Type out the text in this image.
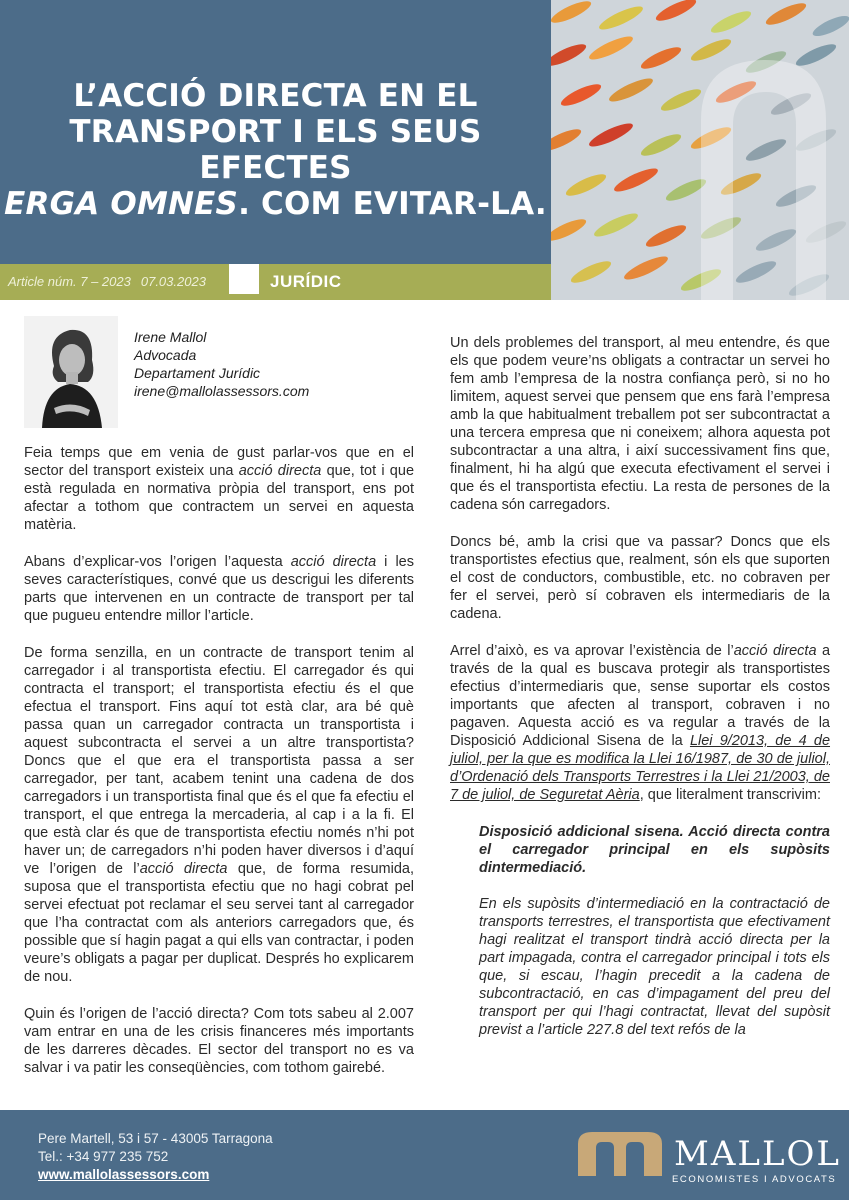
L’ACCIÓ DIRECTA EN EL
TRANSPORT I ELS SEUS EFECTES
ERGA OMNES. COM EVITAR-LA.
Article núm. 7 – 2023 07.03.2023	JURÍDIC
Irene Mallol
Advocada
Departament Jurídic
irene@mallolassessors.com

Feia temps que em venia de gust parlar-vos que en el sector del transport existeix una acció directa que, tot i que està regulada en normativa pròpia del transport, ens pot afectar a tothom que contractem un servei en aquesta matèria.

Abans d’explicar-vos l’origen l’aquesta acció directa i les seves característiques, convé que us descrigui les diferents parts que intervenen en un contracte de transport per tal que pugueu entendre millor l’article.

De forma senzilla, en un contracte de transport tenim al carregador i al transportista efectiu. El carregador és qui contracta el transport; el transportista efectiu és el que efectua el transport. Fins aquí tot està clar, ara bé què passa quan un carregador contracta un transportista i aquest subcontracta el servei a un altre transportista? Doncs que el que era el transportista passa a ser carregador, per tant, acabem tenint una cadena de dos carregadors i un transportista final que és el que fa efectiu el transport, el que entrega la mercaderia, al cap i a la fi. El que està clar és que de transportista efectiu només n’hi pot haver un; de carregadors n’hi poden haver diversos i d’aquí ve l’origen de l’acció directa que, de forma resumida, suposa que el transportista efectiu que no hagi cobrat pel servei efectuat pot reclamar el seu servei tant al carregador que l’ha contractat com als anteriors carregadors que, és possible que sí hagin pagat a qui ells van contractar, i poden veure’s obligats a pagar per duplicat. Després ho explicarem de nou.

Quin és l’origen de l’acció directa? Com tots sabeu al 2.007 vam entrar en una de les crisis financeres més importants de les darreres dècades. El sector del transport no es va salvar i va patir les conseqüències, com tothom gairebé.

Un dels problemes del transport, al meu entendre, és que els que podem veure’ns obligats a contractar un servei ho fem amb l’empresa de la nostra confiança però, si no ho limitem, aquest servei que pensem que ens farà l’empresa amb la que habitualment treballem pot ser subcontractat a una tercera empresa que ni coneixem; alhora aquesta pot subcontractar a una altra, i així successivament fins que, finalment, hi ha algú que executa efectivament el servei i que és el transportista efectiu. La resta de persones de la cadena són carregadors.

Doncs bé, amb la crisi que va passar? Doncs que els transportistes efectius que, realment, són els que suporten el cost de conductors, combustible, etc. no cobraven per fer el servei, però sí cobraven els intermediaris de la cadena.

Arrel d’això, es va aprovar l’existència de l’acció directa a través de la qual es buscava protegir als transportistes efectius d’intermediaris que, sense suportar els costos importants que afecten al transport, cobraven i no pagaven. Aquesta acció es va regular a través de la Disposició Addicional Sisena de la Llei 9/2013, de 4 de juliol, per la que es modifica la Llei 16/1987, de 30 de juliol, d’Ordenació dels Transports Terrestres i la Llei 21/2003, de 7 de juliol, de Seguretat Aèria, que literalment transcrivim:

Disposició addicional sisena. Acció directa contra el carregador principal en els supòsits dintermediació.

En els supòsits d’intermediació en la contractació de transports terrestres, el transportista que efectivament hagi realitzat el transport tindrà acció directa per la part impagada, contra el carregador principal i tots els que, si escau, l’hagin precedit a la cadena de subcontractació, en cas d’impagament del preu del transport per qui l’hagi contractat, llevat del supòsit previst a l’article 227.8 del text refós de la

Pere Martell, 53 i 57 - 43005 Tarragona
Tel.: +34 977 235 752
www.mallolassessors.com
MALLOL
ECONOMISTES I ADVOCATS
